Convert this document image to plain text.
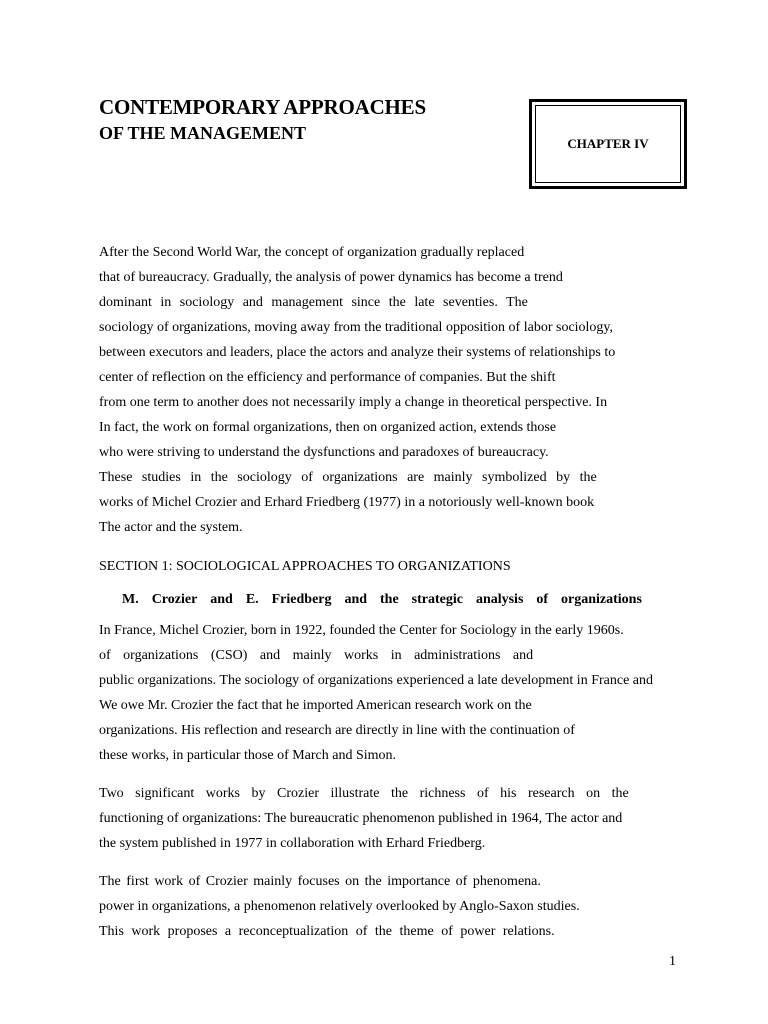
CONTEMPORARY APPROACHES
OF THE MANAGEMENT
CHAPTER IV
After the Second World War, the concept of organization gradually replaced
that of bureaucracy. Gradually, the analysis of power dynamics has become a trend
dominant in sociology and management since the late seventies. The
sociology of organizations, moving away from the traditional opposition of labor sociology,
between executors and leaders, place the actors and analyze their systems of relationships to
center of reflection on the efficiency and performance of companies. But the shift
from one term to another does not necessarily imply a change in theoretical perspective. In
In fact, the work on formal organizations, then on organized action, extends those
who were striving to understand the dysfunctions and paradoxes of bureaucracy.
These studies in the sociology of organizations are mainly symbolized by the
works of Michel Crozier and Erhard Friedberg (1977) in a notoriously well-known book
The actor and the system.
SECTION 1: SOCIOLOGICAL APPROACHES TO ORGANIZATIONS
M. Crozier and E. Friedberg and the strategic analysis of organizations
In France, Michel Crozier, born in 1922, founded the Center for Sociology in the early 1960s.
of organizations (CSO) and mainly works in administrations and
public organizations. The sociology of organizations experienced a late development in France and
We owe Mr. Crozier the fact that he imported American research work on the
organizations. His reflection and research are directly in line with the continuation of
these works, in particular those of March and Simon.
Two significant works by Crozier illustrate the richness of his research on the
functioning of organizations: The bureaucratic phenomenon published in 1964, The actor and
the system published in 1977 in collaboration with Erhard Friedberg.
The first work of Crozier mainly focuses on the importance of phenomena.
power in organizations, a phenomenon relatively overlooked by Anglo-Saxon studies.
This work proposes a reconceptualization of the theme of power relations.
1
